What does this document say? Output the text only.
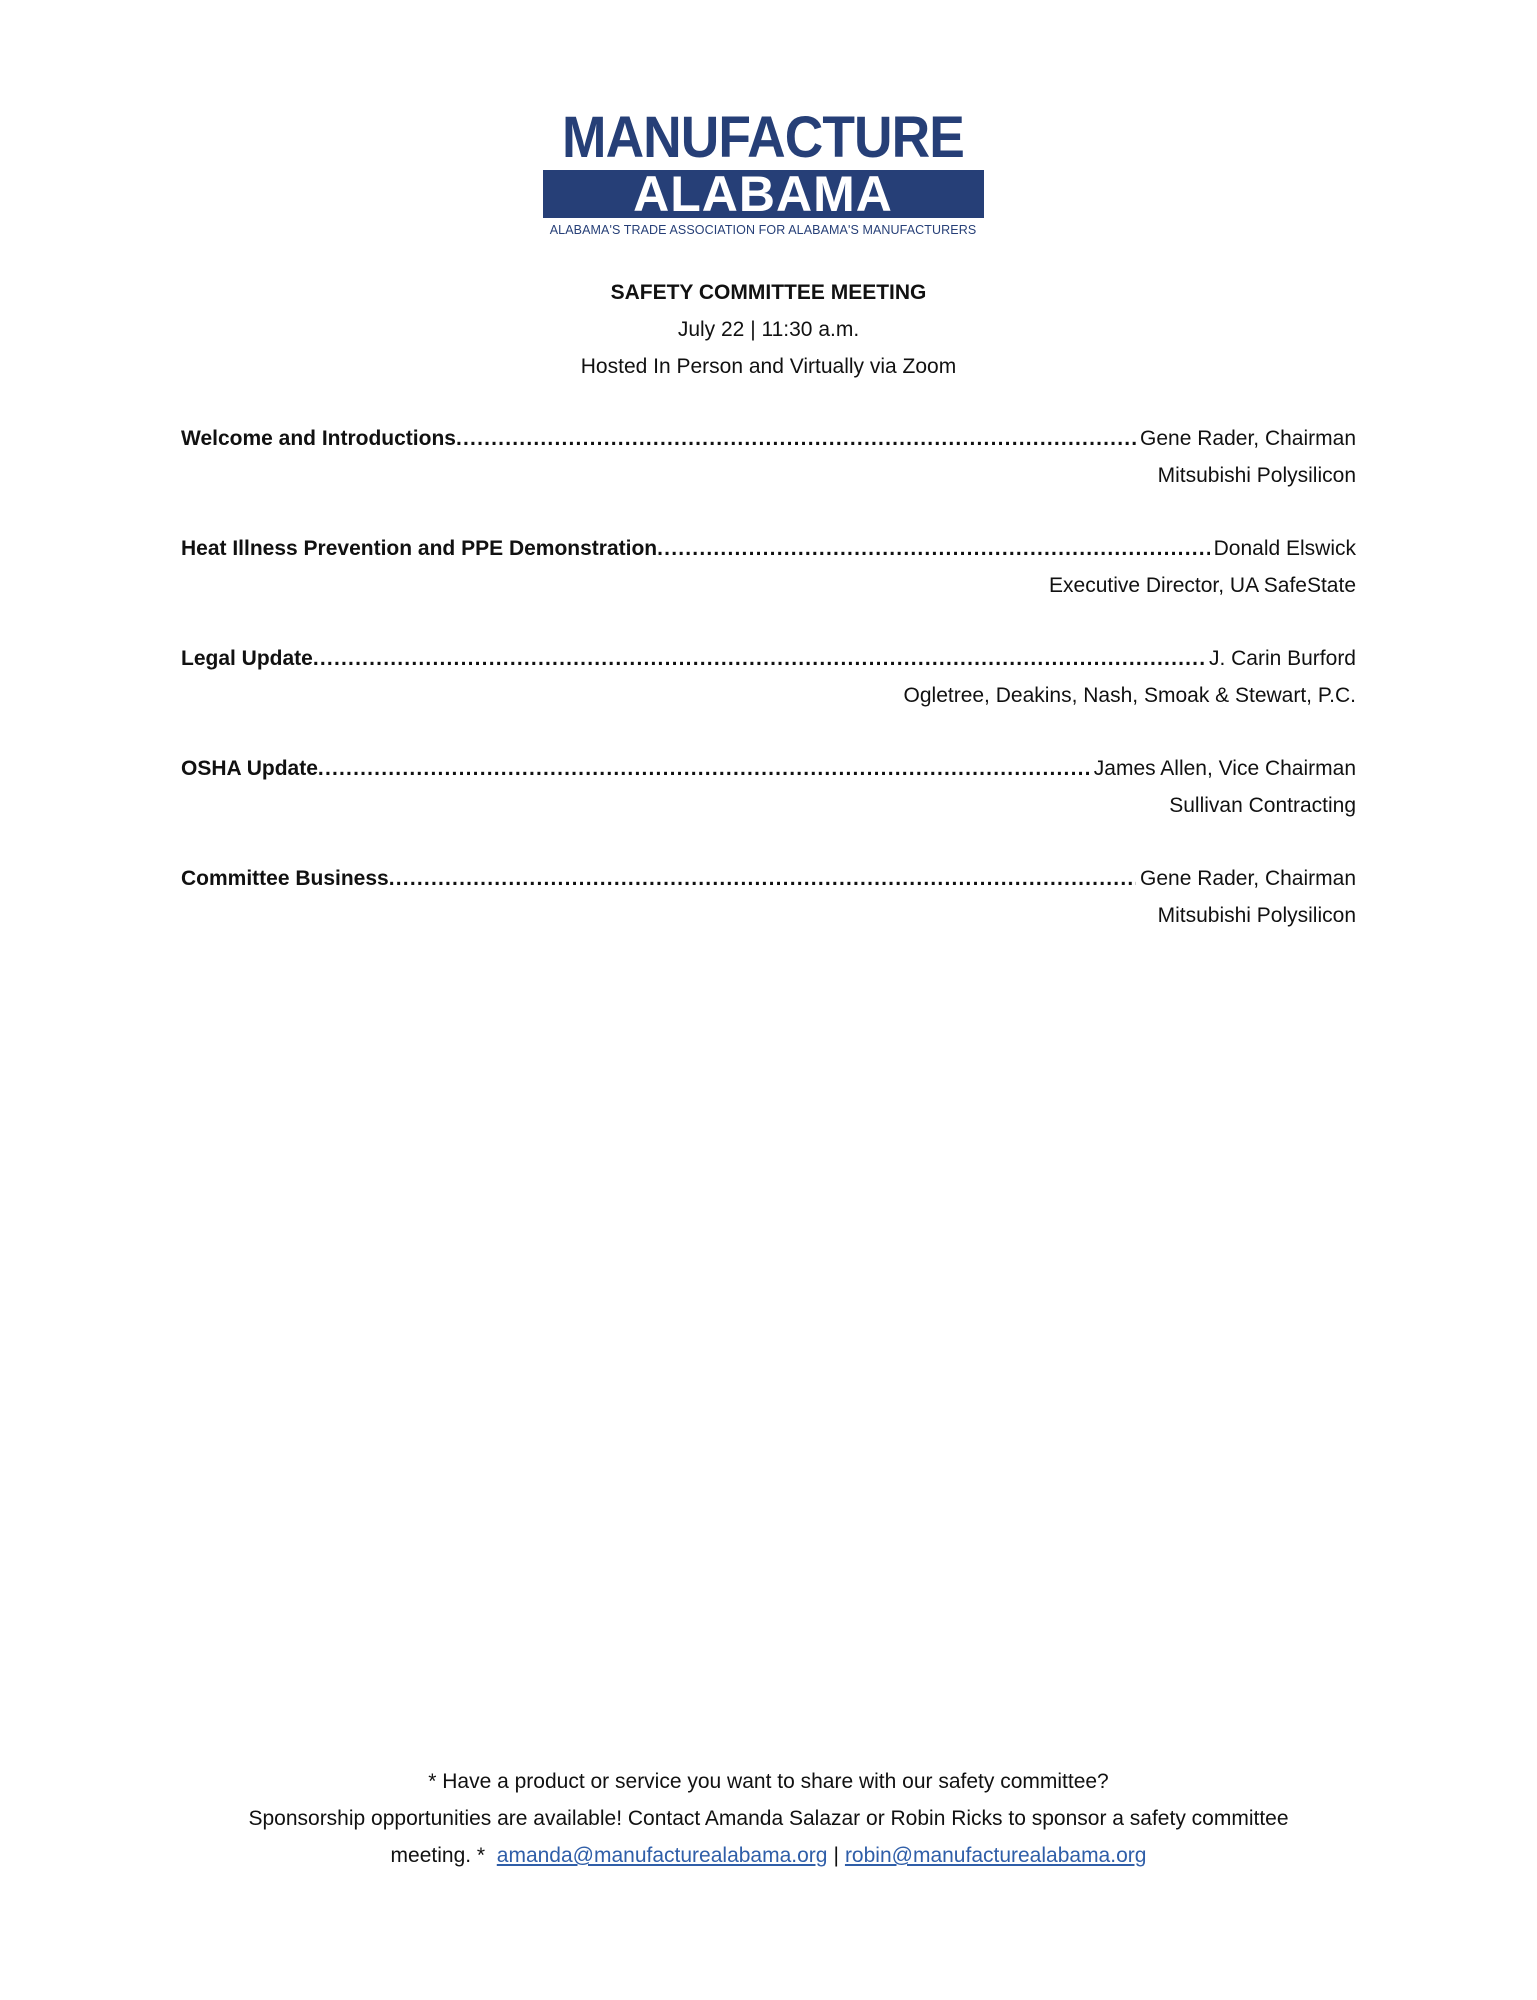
MANUFACTURE
ALABAMA
ALABAMA'S TRADE ASSOCIATION FOR ALABAMA'S MANUFACTURERS
SAFETY COMMITTEE MEETING
July 22 | 11:30 a.m.
Hosted In Person and Virtually via Zoom
Welcome and Introductions .....	Gene Rader, Chairman
Mitsubishi Polysilicon
Heat Illness Prevention and PPE Demonstration .....	Donald Elswick
Executive Director, UA SafeState
Legal Update .....	J. Carin Burford
Ogletree, Deakins, Nash, Smoak & Stewart, P.C.
OSHA Update .....	James Allen, Vice Chairman
Sullivan Contracting
Committee Business .....	Gene Rader, Chairman
Mitsubishi Polysilicon
* Have a product or service you want to share with our safety committee?
Sponsorship opportunities are available! Contact Amanda Salazar or Robin Ricks to sponsor a safety committee
meeting. * amanda@manufacturealabama.org | robin@manufacturealabama.org
